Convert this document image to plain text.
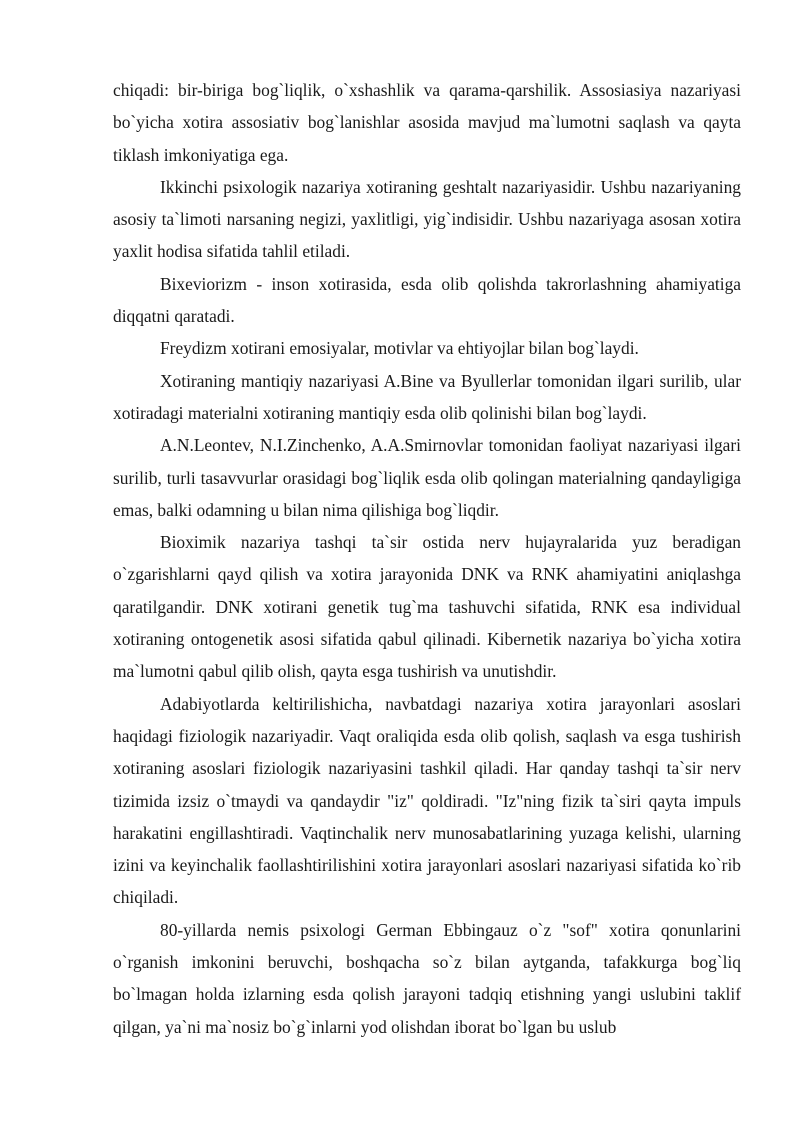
chiqadi: bir-biriga bog`liqlik, o`xshashlik va qarama-qarshilik. Assosiasiya nazariyasi bo`yicha xotira assosiativ bog`lanishlar asosida mavjud ma`lumotni saqlash va qayta tiklash imkoniyatiga ega.

Ikkinchi psixologik nazariya xotiraning geshtalt nazariyasidir. Ushbu nazariyaning asosiy ta`limoti narsaning negizi, yaxlitligi, yig`indisidir. Ushbu nazariyaga asosan xotira yaxlit hodisa sifatida tahlil etiladi.

Bixeviorizm - inson xotirasida, esda olib qolishda takrorlashning ahamiyatiga diqqatni qaratadi.

Freydizm xotirani emosiyalar, motivlar va ehtiyojlar bilan bog`laydi.

Xotiraning mantiqiy nazariyasi A.Bine va Byullerlar tomonidan ilgari surilib, ular xotiradagi materialni xotiraning mantiqiy esda olib qolinishi bilan bog`laydi.

A.N.Leontev, N.I.Zinchenko, A.A.Smirnovlar tomonidan faoliyat nazariyasi ilgari surilib, turli tasavvurlar orasidagi bog`liqlik esda olib qolingan materialning qandayligiga emas, balki odamning u bilan nima qilishiga bog`liqdir.

Bioximik nazariya tashqi ta`sir ostida nerv hujayralarida yuz beradigan o`zgarishlarni qayd qilish va xotira jarayonida DNK va RNK ahamiyatini aniqlashga qaratilgandir. DNK xotirani genetik tug`ma tashuvchi sifatida, RNK esa individual xotiraning ontogenetik asosi sifatida qabul qilinadi. Kibernetik nazariya bo`yicha xotira ma`lumotni qabul qilib olish, qayta esga tushirish va unutishdir.

Adabiyotlarda keltirilishicha, navbatdagi nazariya xotira jarayonlari asoslari haqidagi fiziologik nazariyadir. Vaqt oraliqida esda olib qolish, saqlash va esga tushirish xotiraning asoslari fiziologik nazariyasini tashkil qiladi. Har qanday tashqi ta`sir nerv tizimida izsiz o`tmaydi va qandaydir "iz" qoldiradi. "Iz"ning fizik ta`siri qayta impuls harakatini engillashtiradi. Vaqtinchalik nerv munosabatlarining yuzaga kelishi, ularning izini va keyinchalik faollashtirilishini xotira jarayonlari asoslari nazariyasi sifatida ko`rib chiqiladi.

80-yillarda nemis psixologi German Ebbingauz o`z "sof" xotira qonunlarini o`rganish imkonini beruvchi, boshqacha so`z bilan aytganda, tafakkurga bog`liq bo`lmagan holda izlarning esda qolish jarayoni tadqiq etishning yangi uslubini taklif qilgan, ya`ni ma`nosiz bo`g`inlarni yod olishdan iborat bo`lgan bu uslub
